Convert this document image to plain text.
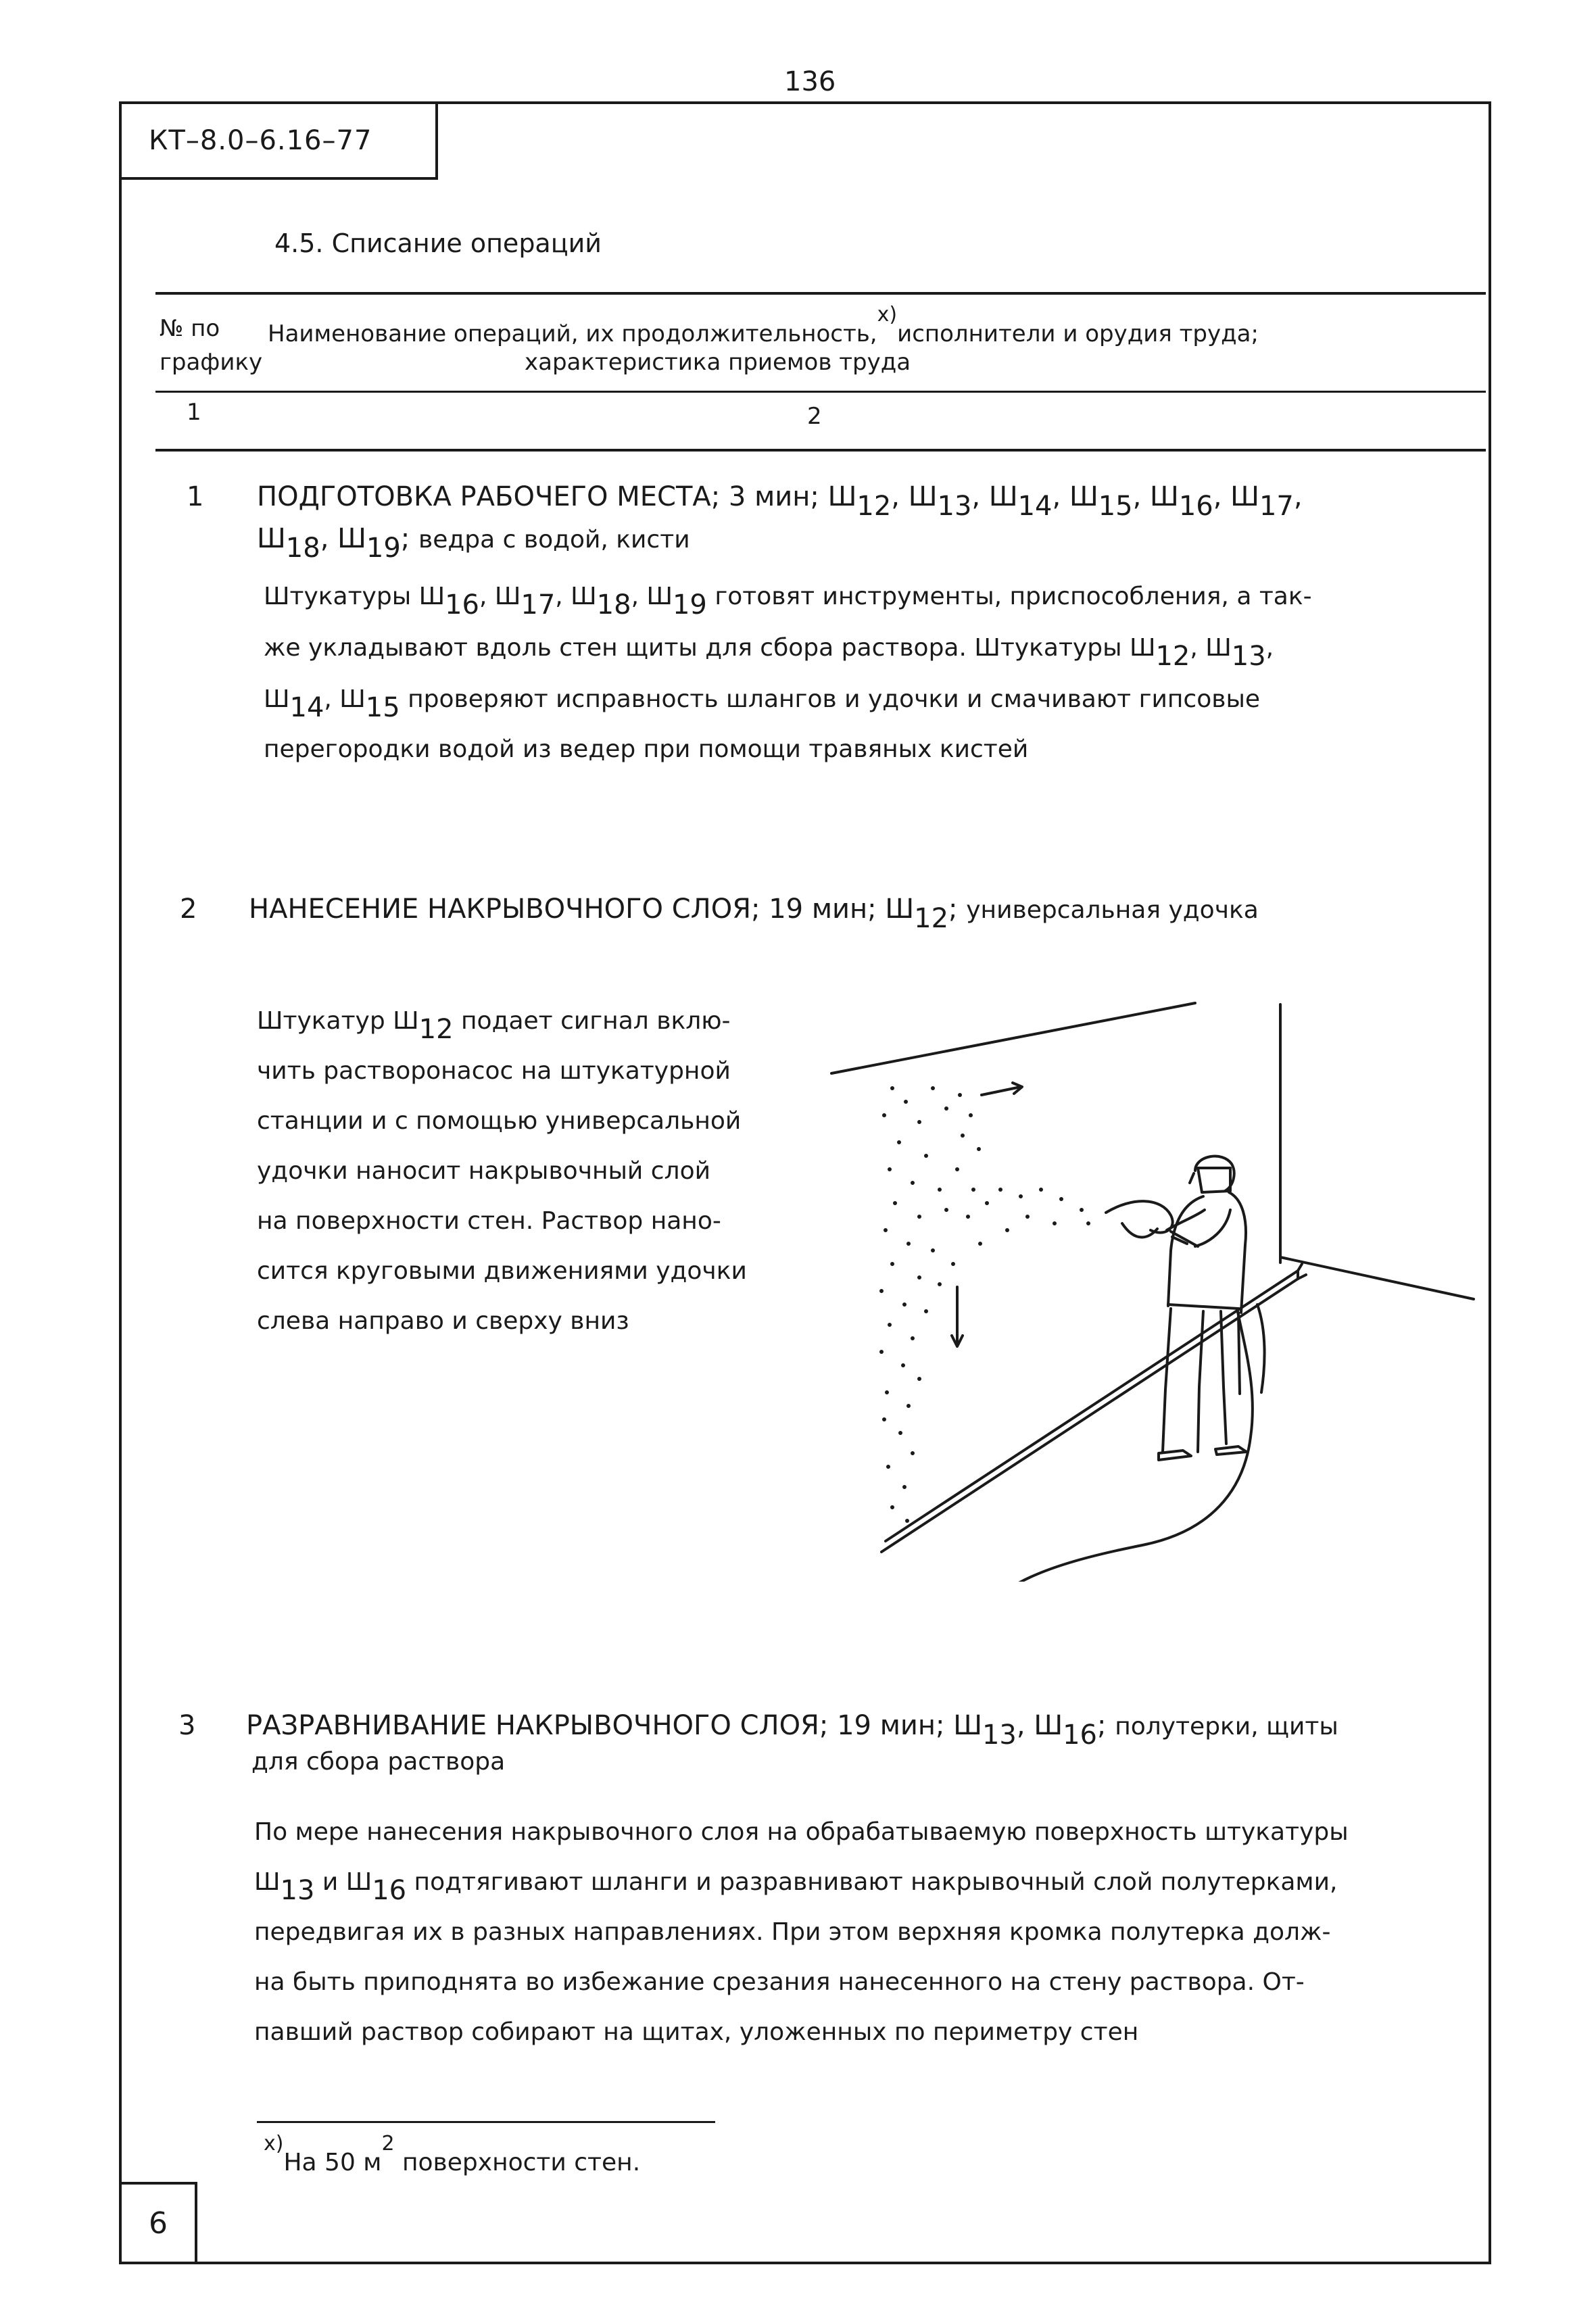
136
КТ–8.0–6.16–77
4.5. Списание операций
№ по
графику
Наименование операций, их продолжительность,$^{x)}$исполнители и орудия труда;
характеристика приемов труда
1	2
1 ПОДГОТОВКА РАБОЧЕГО МЕСТА; 3 мин; $Ш_{12}$, $Ш_{13}$, $Ш_{14}$, $Ш_{15}$, $Ш_{16}$, $Ш_{17}$,
$Ш_{18}$, $Ш_{19}$; ведра с водой, кисти
Штукатуры $Ш_{16}$, $Ш_{17}$, $Ш_{18}$, $Ш_{19}$ готовят инструменты, приспособления, а так-
же укладывают вдоль стен щиты для сбора раствора. Штукатуры $Ш_{12}$, $Ш_{13}$,
$Ш_{14}$, $Ш_{15}$ проверяют исправность шлангов и удочки и смачивают гипсовые
перегородки водой из ведер при помощи травяных кистей
2 НАНЕСЕНИЕ НАКРЫВОЧНОГО СЛОЯ; 19 мин; $Ш_{12}$; универсальная удочка
Штукатур $Ш_{12}$ подает сигнал вклю-
чить растворонасос на штукатурной
станции и с помощью универсальной
удочки наносит накрывочный слой
на поверхности стен. Раствор нано-
сится круговыми движениями удочки
слева направо и сверху вниз
3 РАЗРАВНИВАНИЕ НАКРЫВОЧНОГО СЛОЯ; 19 мин; $Ш_{13}$, $Ш_{16}$; полутерки, щиты
для сбора раствора
По мере нанесения накрывочного слоя на обрабатываемую поверхность штукатуры
$Ш_{13}$ и $Ш_{16}$ подтягивают шланги и разравнивают накрывочный слой полутерками,
передвигая их в разных направлениях. При этом верхняя кромка полутерка долж-
на быть приподнята во избежание срезания нанесенного на стену раствора. От-
павший раствор собирают на щитах, уложенных по периметру стен
$^{x)}$На 50 $м^2$ поверхности стен.
6
